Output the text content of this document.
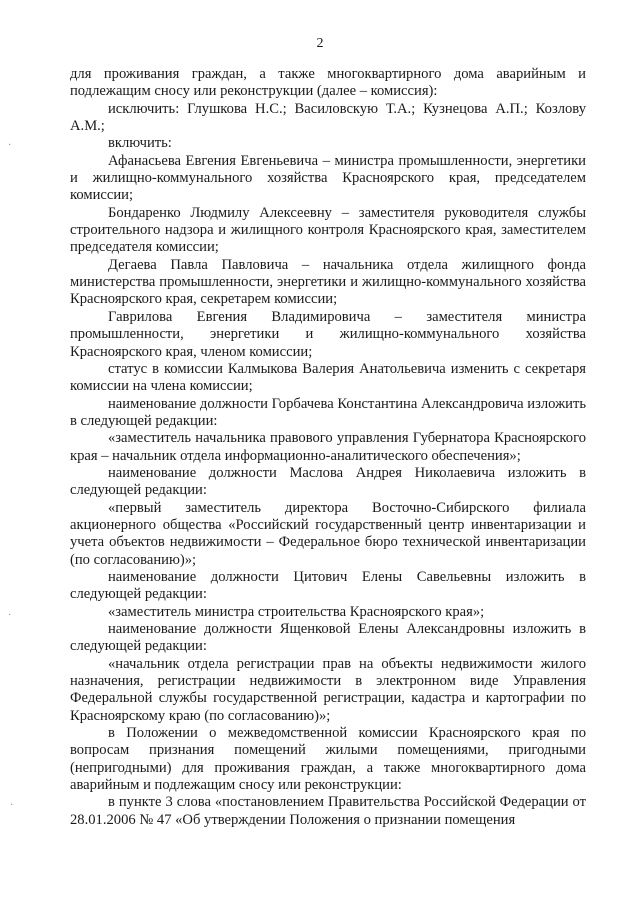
2

для проживания граждан, а также многоквартирного дома аварийным и подлежащим сносу или реконструкции (далее – комиссия):

исключить: Глушкова Н.С.; Василовскую Т.А.; Кузнецова А.П.; Козлову А.М.;

включить:

Афанасьева Евгения Евгеньевича – министра промышленности, энергетики и жилищно-коммунального хозяйства Красноярского края, председателем комиссии;

Бондаренко Людмилу Алексеевну – заместителя руководителя службы строительного надзора и жилищного контроля Красноярского края, заместителем председателя комиссии;

Дегаева Павла Павловича – начальника отдела жилищного фонда министерства промышленности, энергетики и жилищно-коммунального хозяйства Красноярского края, секретарем комиссии;

Гаврилова Евгения Владимировича – заместителя министра промышленности, энергетики и жилищно-коммунального хозяйства Красноярского края, членом комиссии;

статус в комиссии Калмыкова Валерия Анатольевича изменить с секретаря комиссии на члена комиссии;

наименование должности Горбачева Константина Александровича изложить в следующей редакции:

«заместитель начальника правового управления Губернатора Красноярского края – начальник отдела информационно-аналитического обеспечения»;

наименование должности Маслова Андрея Николаевича изложить в следующей редакции:

«первый заместитель директора Восточно-Сибирского филиала акционерного общества «Российский государственный центр инвентаризации и учета объектов недвижимости – Федеральное бюро технической инвентаризации (по согласованию)»;

наименование должности Цитович Елены Савельевны изложить в следующей редакции:

«заместитель министра строительства Красноярского края»;

наименование должности Ященковой Елены Александровны изложить в следующей редакции:

«начальник отдела регистрации прав на объекты недвижимости жилого назначения, регистрации недвижимости в электронном виде Управления Федеральной службы государственной регистрации, кадастра и картографии по Красноярскому краю (по согласованию)»;

в Положении о межведомственной комиссии Красноярского края по вопросам признания помещений жилыми помещениями, пригодными (непригодными) для проживания граждан, а также многоквартирного дома аварийным и подлежащим сносу или реконструкции:

в пункте 3 слова «постановлением Правительства Российской Федерации от 28.01.2006 № 47 «Об утверждении Положения о признании помещения

·
·
·
